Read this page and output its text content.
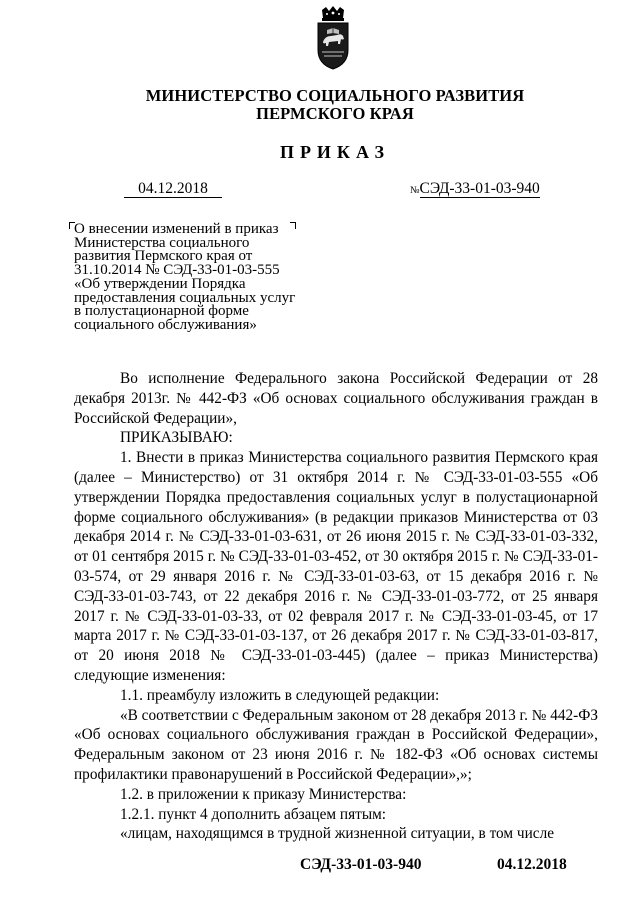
МИНИСТЕРСТВО СОЦИАЛЬНОГО РАЗВИТИЯ
ПЕРМСКОГО КРАЯ
ПРИКАЗ
04.12.2018	№СЭД-33-01-03-940
О внесении изменений в приказ
Министерства социального
развития Пермского края от
31.10.2014 № СЭД-33-01-03-555
«Об утверждении Порядка
предоставления социальных услуг
в полустационарной форме
социального обслуживания»

Во исполнение Федерального закона Российской Федерации от 28 декабря 2013г. № 442-ФЗ «Об основах социального обслуживания граждан в Российской Федерации»,

ПРИКАЗЫВАЮ:

1. Внести в приказ Министерства социального развития Пермского края (далее – Министерство) от 31 октября 2014 г. № СЭД-33-01-03-555 «Об утверждении Порядка предоставления социальных услуг в полустационарной форме социального обслуживания» (в редакции приказов Министерства от 03 декабря 2014 г. № СЭД-33-01-03-631, от 26 июня 2015 г. № СЭД-33-01-03-332, от 01 сентября 2015 г. № СЭД-33-01-03-452, от 30 октября 2015 г. № СЭД-33-01-03-574, от 29 января 2016 г. № СЭД-33-01-03-63, от 15 декабря 2016 г. № СЭД-33-01-03-743, от 22 декабря 2016 г. № СЭД-33-01-03-772, от 25 января 2017 г. № СЭД-33-01-03-33, от 02 февраля 2017 г. № СЭД-33-01-03-45, от 17 марта 2017 г. № СЭД-33-01-03-137, от 26 декабря 2017 г. № СЭД-33-01-03-817, от 20 июня 2018 № СЭД-33-01-03-445) (далее – приказ Министерства) следующие изменения:

1.1. преамбулу изложить в следующей редакции:

«В соответствии с Федеральным законом от 28 декабря 2013 г. № 442-ФЗ «Об основах социального обслуживания граждан в Российской Федерации», Федеральным законом от 23 июня 2016 г. № 182-ФЗ «Об основах системы профилактики правонарушений в Российской Федерации»,»;

1.2. в приложении к приказу Министерства:

1.2.1. пункт 4 дополнить абзацем пятым:

«лицам, находящимся в трудной жизненной ситуации, в том числе

СЭД-33-01-03-940	04.12.2018
